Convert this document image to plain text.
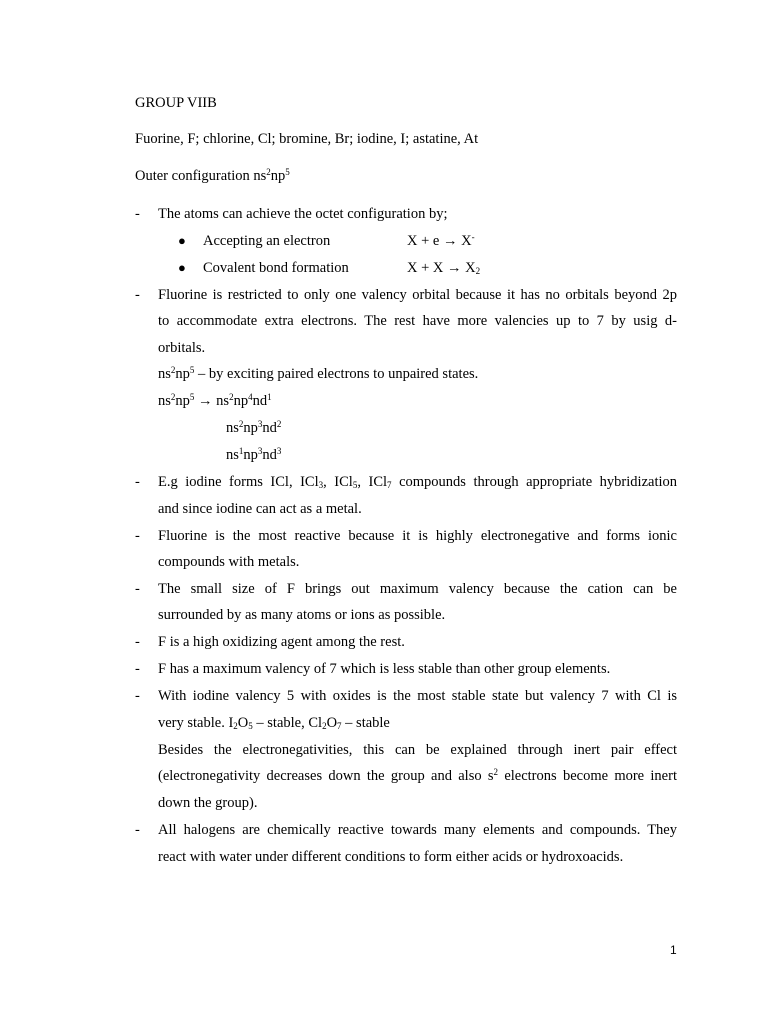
GROUP VIIB
Fuorine, F; chlorine, Cl; bromine, Br; iodine, I; astatine, At
Outer configuration $ns^2np^5$
- The atoms can achieve the octet configuration by;
● Accepting an electron	X + e → X-
● Covalent bond formation	$X + X \to X_2$
- Fluorine is restricted to only one valency orbital because it has no orbitals beyond 2p
to accommodate extra electrons. The rest have more valencies up to 7 by usig d-
orbitals.
$ns^2np^5$ – by exciting paired electrons to unpaired states.
$ns^2np^5 \to ns^2np^4nd^1$
$ns^2np^3nd^2$
$ns^1np^3nd^3$
- E.g iodine forms ICl, ICl$_3$, ICl$_5$, ICl$_7$ compounds through appropriate hybridization
and since iodine can act as a metal.
- Fluorine is the most reactive because it is highly electronegative and forms ionic
compounds with metals.
- The small size of F brings out maximum valency because the cation can be
surrounded by as many atoms or ions as possible.
- F is a high oxidizing agent among the rest.
- F has a maximum valency of 7 which is less stable than other group elements.
- With iodine valency 5 with oxides is the most stable state but valency 7 with Cl is
very stable. $I_2O_5$ – stable, $Cl_2O_7$ – stable
Besides the electronegativities, this can be explained through inert pair effect
(electronegativity decreases down the group and also $s^2$ electrons become more inert
down the group).
- All halogens are chemically reactive towards many elements and compounds. They
react with water under different conditions to form either acids or hydroxoacids.
1
